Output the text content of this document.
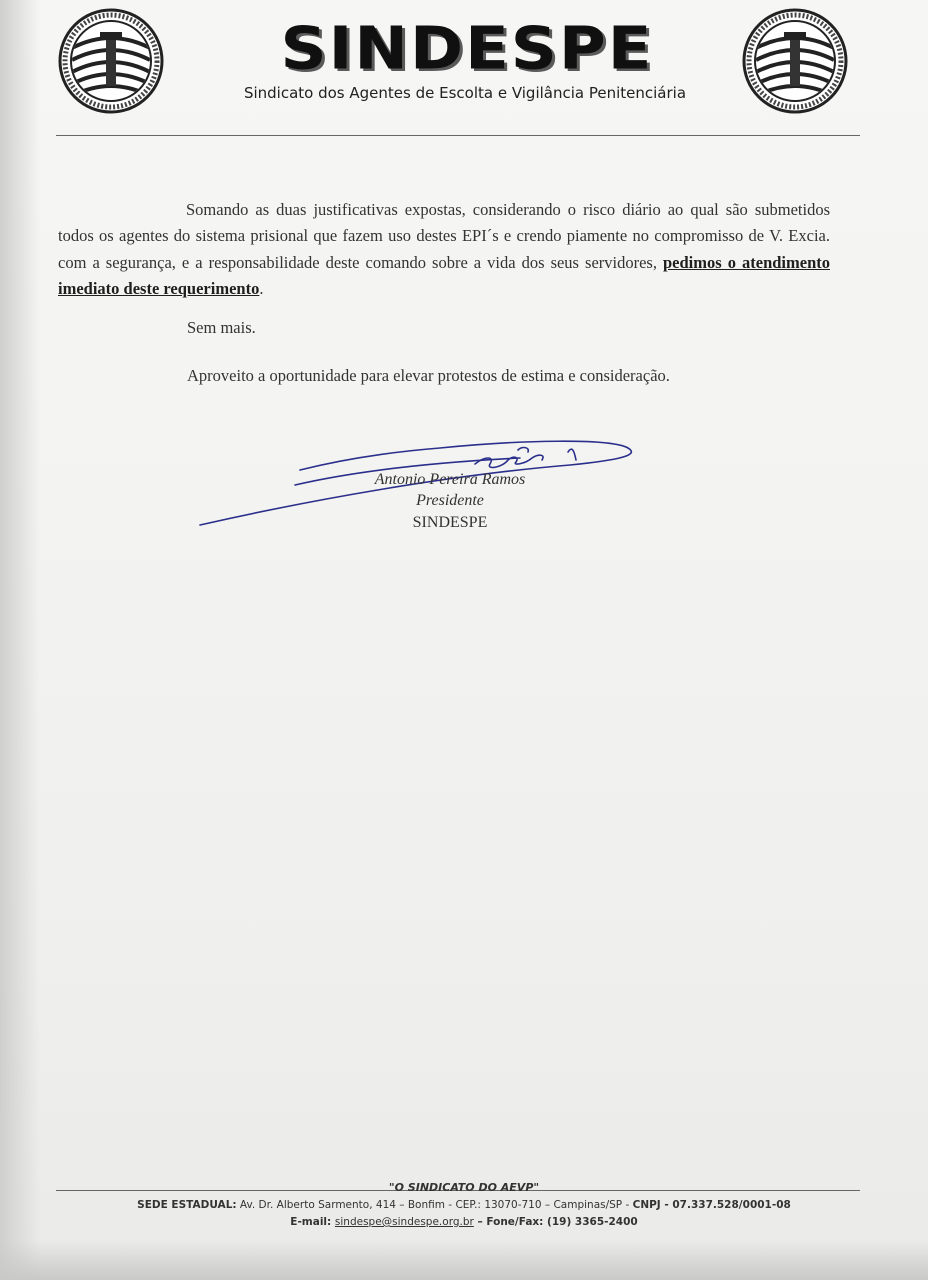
SINDESPE
Sindicato dos Agentes de Escolta e Vigilância Penitenciária

Somando as duas justificativas expostas, considerando o risco diário ao qual são submetidos todos os agentes do sistema prisional que fazem uso destes EPI´s e crendo piamente no compromisso de V. Excia. com a segurança, e a responsabilidade deste comando sobre a vida dos seus servidores, pedimos o atendimento imediato deste requerimento.

Sem mais.
Aproveito a oportunidade para elevar protestos de estima e consideração.
Antonio Pereira Ramos
Presidente
SINDESPE
"O SINDICATO DO AEVP"
SEDE ESTADUAL: Av. Dr. Alberto Sarmento, 414 – Bonfim - CEP.: 13070-710 – Campinas/SP - CNPJ - 07.337.528/0001-08
E-mail: sindespe@sindespe.org.br – Fone/Fax: (19) 3365-2400
